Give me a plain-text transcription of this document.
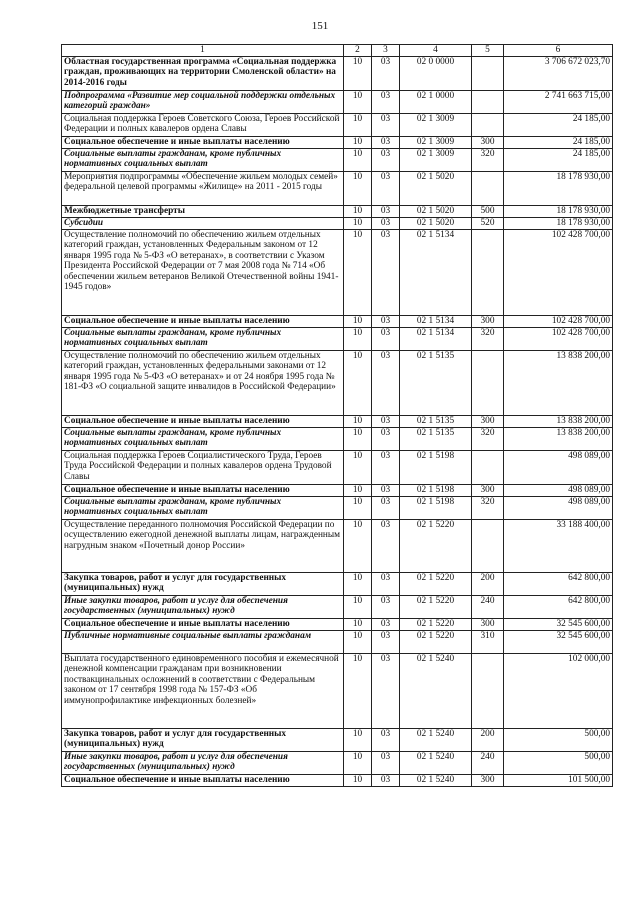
151
1	2	3	4	5	6
Областная государственная программа «Социальная поддержка граждан, проживающих на территории Смоленской области» на 2014-2016 годы	10	03	02 0 0000		3 706 672 023,70
Подпрограмма «Развитие мер социальной поддержки отдельных категорий граждан»	10	03	02 1 0000		2 741 663 715,00
Социальная поддержка Героев Советского Союза, Героев Российской Федерации и полных кавалеров ордена Славы	10	03	02 1 3009		24 185,00
Социальное обеспечение и иные выплаты населению	10	03	02 1 3009	300	24 185,00
Социальные выплаты гражданам, кроме публичных нормативных социальных выплат	10	03	02 1 3009	320	24 185,00
Мероприятия подпрограммы «Обеспечение жильем молодых семей» федеральной целевой программы «Жилище» на 2011 - 2015 годы	10	03	02 1 5020		18 178 930,00
Межбюджетные трансферты	10	03	02 1 5020	500	18 178 930,00
Субсидии	10	03	02 1 5020	520	18 178 930,00
Осуществление полномочий по обеспечению жильем отдельных категорий граждан, установленных Федеральным законом от 12 января 1995 года № 5-ФЗ «О ветеранах», в соответствии с Указом Президента Российской Федерации от 7 мая 2008 года № 714 «Об обеспечении жильем ветеранов Великой Отечественной войны 1941-1945 годов»	10	03	02 1 5134		102 428 700,00
Социальное обеспечение и иные выплаты населению	10	03	02 1 5134	300	102 428 700,00
Социальные выплаты гражданам, кроме публичных нормативных социальных выплат	10	03	02 1 5134	320	102 428 700,00
Осуществление полномочий по обеспечению жильем отдельных категорий граждан, установленных федеральными законами от 12 января 1995 года № 5-ФЗ «О ветеранах» и от 24 ноября 1995 года № 181-ФЗ «О социальной защите инвалидов в Российской Федерации»	10	03	02 1 5135		13 838 200,00
Социальное обеспечение и иные выплаты населению	10	03	02 1 5135	300	13 838 200,00
Социальные выплаты гражданам, кроме публичных нормативных социальных выплат	10	03	02 1 5135	320	13 838 200,00
Социальная поддержка Героев Социалистического Труда, Героев Труда Российской Федерации и полных кавалеров ордена Трудовой Славы	10	03	02 1 5198		498 089,00
Социальное обеспечение и иные выплаты населению	10	03	02 1 5198	300	498 089,00
Социальные выплаты гражданам, кроме публичных нормативных социальных выплат	10	03	02 1 5198	320	498 089,00
Осуществление переданного полномочия Российской Федерации по осуществлению ежегодной денежной выплаты лицам, награжденным нагрудным знаком «Почетный донор России»	10	03	02 1 5220		33 188 400,00
Закупка товаров, работ и услуг для государственных (муниципальных) нужд	10	03	02 1 5220	200	642 800,00
Иные закупки товаров, работ и услуг для обеспечения государственных (муниципальных) нужд	10	03	02 1 5220	240	642 800,00
Социальное обеспечение и иные выплаты населению	10	03	02 1 5220	300	32 545 600,00
Публичные нормативные социальные выплаты гражданам	10	03	02 1 5220	310	32 545 600,00
Выплата государственного единовременного пособия и ежемесячной денежной компенсации гражданам при возникновении поствакцинальных осложнений в соответствии с Федеральным законом от 17 сентября 1998 года № 157-ФЗ «Об иммунопрофилактике инфекционных болезней»	10	03	02 1 5240		102 000,00
Закупка товаров, работ и услуг для государственных (муниципальных) нужд	10	03	02 1 5240	200	500,00
Иные закупки товаров, работ и услуг для обеспечения государственных (муниципальных) нужд	10	03	02 1 5240	240	500,00
Социальное обеспечение и иные выплаты населению	10	03	02 1 5240	300	101 500,00
